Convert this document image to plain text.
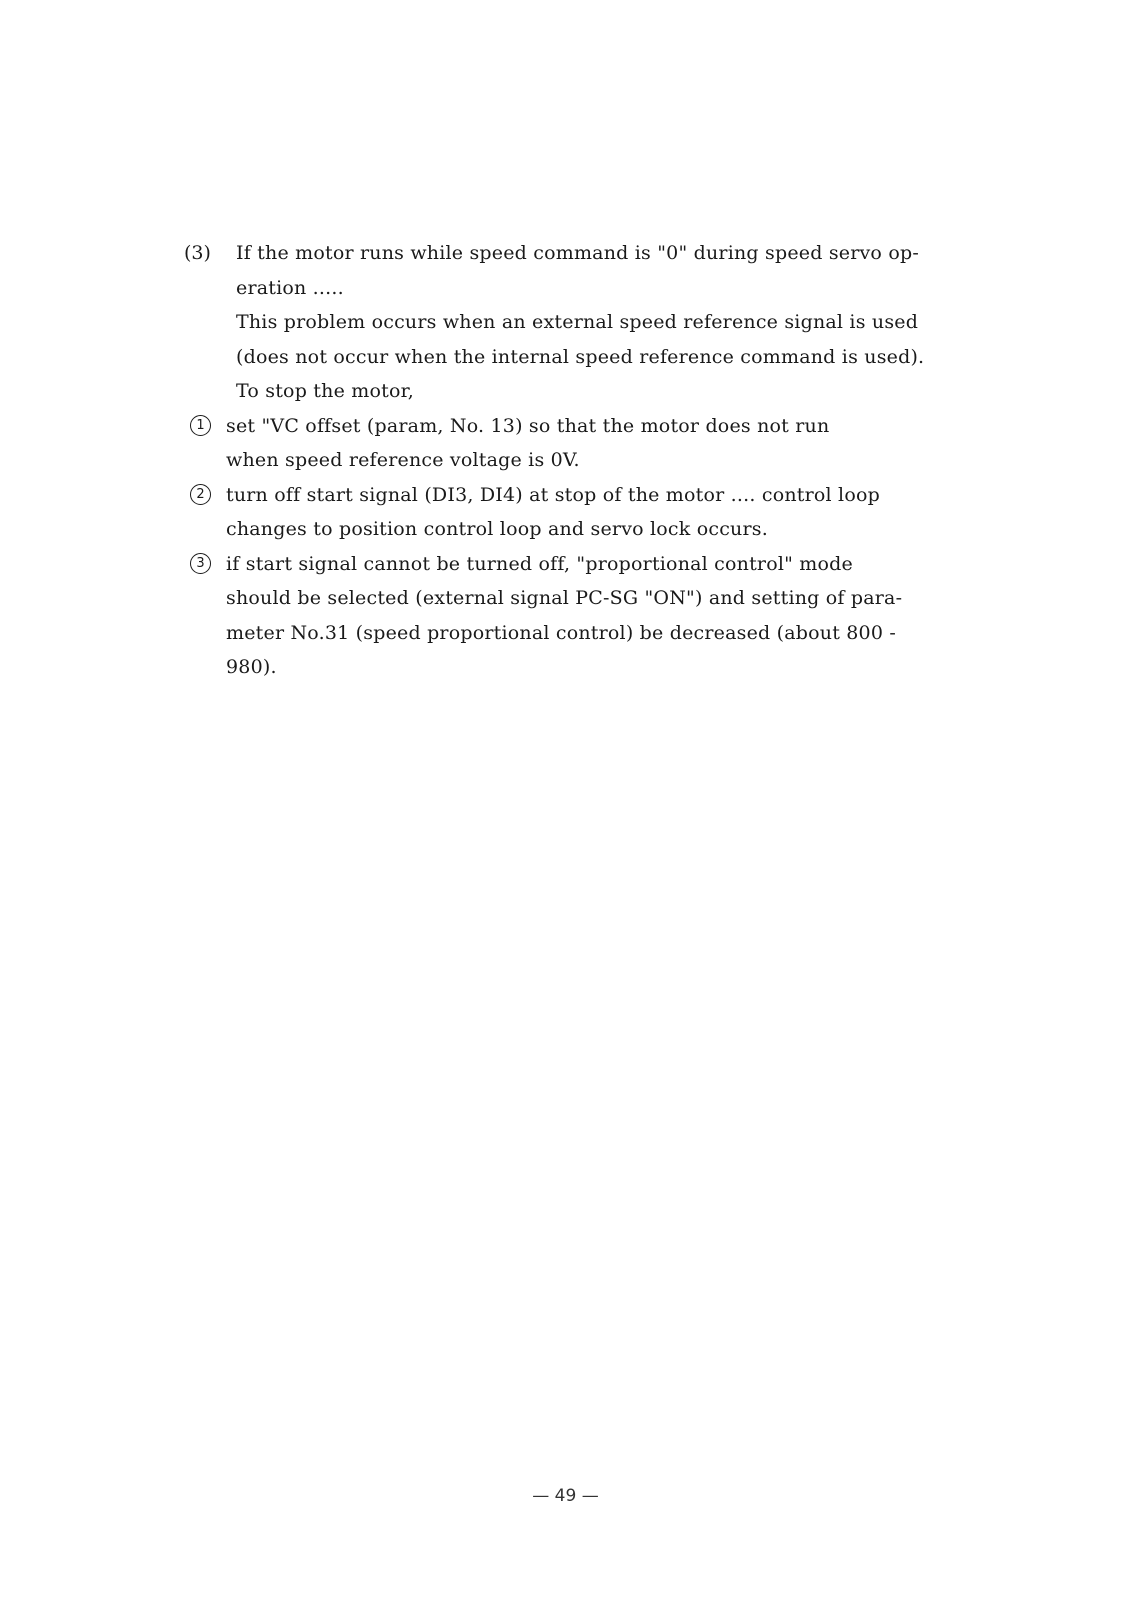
(3) If the motor runs while speed command is "0" during speed servo op-
eration .....
This problem occurs when an external speed reference signal is used
(does not occur when the internal speed reference command is used).
To stop the motor,
1	set "VC offset (param, No. 13) so that the motor does not run
when speed reference voltage is 0V.
2	turn off start signal (DI3, DI4) at stop of the motor .... control loop
changes to position control loop and servo lock occurs.
3	if start signal cannot be turned off, "proportional control" mode
should be selected (external signal PC-SG "ON") and setting of para-
meter No.31 (speed proportional control) be decreased (about 800 -
980).
— 49 —
